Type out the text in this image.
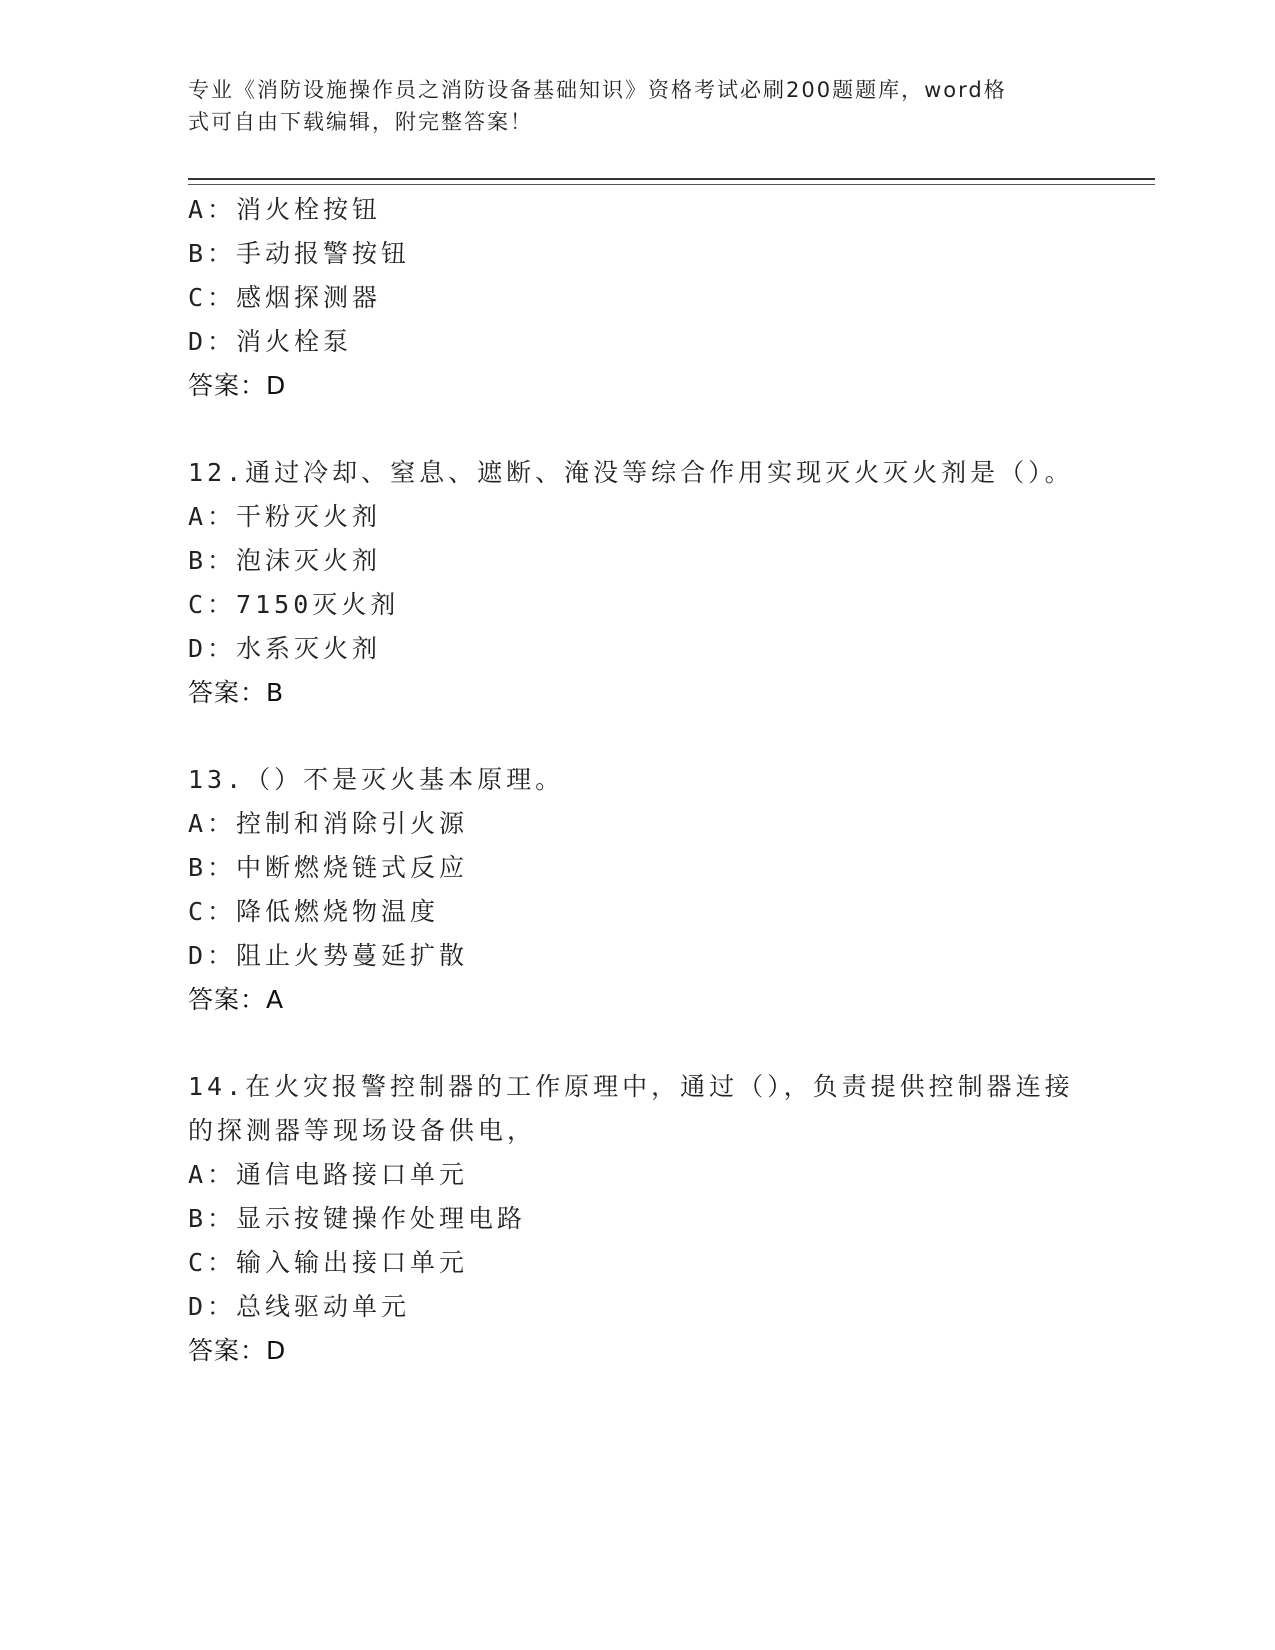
专业《消防设施操作员之消防设备基础知识》资格考试必刷200题题库，word格
式可自由下载编辑，附完整答案！
A：消火栓按钮
B：手动报警按钮
C：感烟探测器
D：消火栓泵
答案：D
12.通过冷却、窒息、遮断、淹没等综合作用实现灭火灭火剂是（）。
A：干粉灭火剂
B：泡沫灭火剂
C：7150灭火剂
D：水系灭火剂
答案：B
13.（）不是灭火基本原理。
A：控制和消除引火源
B：中断燃烧链式反应
C：降低燃烧物温度
D：阻止火势蔓延扩散
答案：A
14.在火灾报警控制器的工作原理中，通过（），负责提供控制器连接
的探测器等现场设备供电，
A：通信电路接口单元
B：显示按键操作处理电路
C：输入输出接口单元
D：总线驱动单元
答案：D
